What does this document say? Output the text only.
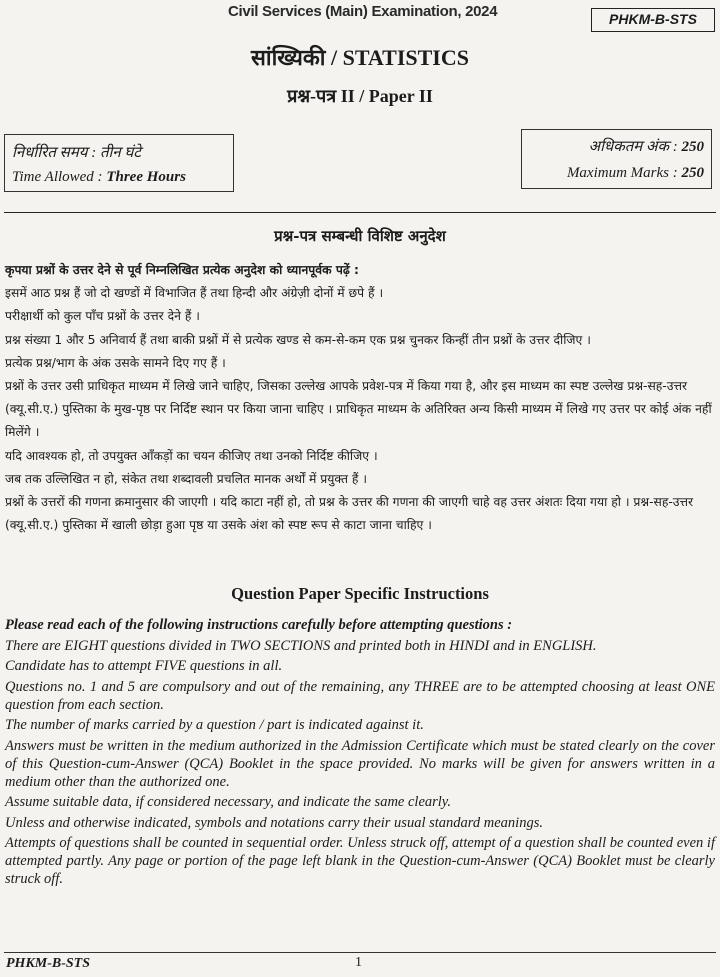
Civil Services (Main) Examination, 2024	PHKM-B-STS
सांख्यिकी / STATISTICS
प्रश्न-पत्र II / Paper II
निर्धारित समय : तीन घंटे
Time Allowed : Three Hours
अधिकतम अंक : 250
Maximum Marks : 250
प्रश्न-पत्र सम्बन्धी विशिष्ट अनुदेश

कृपया प्रश्नों के उत्तर देने से पूर्व निम्नलिखित प्रत्येक अनुदेश को ध्यानपूर्वक पढ़ें :

इसमें आठ प्रश्न हैं जो दो खण्डों में विभाजित हैं तथा हिन्दी और अंग्रेज़ी दोनों में छपे हैं ।

परीक्षार्थी को कुल पाँच प्रश्नों के उत्तर देने हैं ।

प्रश्न संख्या 1 और 5 अनिवार्य हैं तथा बाकी प्रश्नों में से प्रत्येक खण्ड से कम-से-कम एक प्रश्न चुनकर किन्हीं तीन प्रश्नों के उत्तर दीजिए ।

प्रत्येक प्रश्न/भाग के अंक उसके सामने दिए गए हैं ।

प्रश्नों के उत्तर उसी प्राधिकृत माध्यम में लिखे जाने चाहिए, जिसका उल्लेख आपके प्रवेश-पत्र में किया गया है, और इस माध्यम का स्पष्ट उल्लेख प्रश्न-सह-उत्तर (क्यू.सी.ए.) पुस्तिका के मुख-पृष्ठ पर निर्दिष्ट स्थान पर किया जाना चाहिए । प्राधिकृत माध्यम के अतिरिक्त अन्य किसी माध्यम में लिखे गए उत्तर पर कोई अंक नहीं मिलेंगे ।

यदि आवश्यक हो, तो उपयुक्त आँकड़ों का चयन कीजिए तथा उनको निर्दिष्ट कीजिए ।

जब तक उल्लिखित न हो, संकेत तथा शब्दावली प्रचलित मानक अर्थों में प्रयुक्त हैं ।

प्रश्नों के उत्तरों की गणना क्रमानुसार की जाएगी । यदि काटा नहीं हो, तो प्रश्न के उत्तर की गणना की जाएगी चाहे वह उत्तर अंशतः दिया गया हो । प्रश्न-सह-उत्तर (क्यू.सी.ए.) पुस्तिका में खाली छोड़ा हुआ पृष्ठ या उसके अंश को स्पष्ट रूप से काटा जाना चाहिए ।

Question Paper Specific Instructions

Please read each of the following instructions carefully before attempting questions :

There are EIGHT questions divided in TWO SECTIONS and printed both in HINDI and in ENGLISH.

Candidate has to attempt FIVE questions in all.

Questions no. 1 and 5 are compulsory and out of the remaining, any THREE are to be attempted choosing at least ONE question from each section.

The number of marks carried by a question / part is indicated against it.

Answers must be written in the medium authorized in the Admission Certificate which must be stated clearly on the cover of this Question-cum-Answer (QCA) Booklet in the space provided. No marks will be given for answers written in a medium other than the authorized one.

Assume suitable data, if considered necessary, and indicate the same clearly.

Unless and otherwise indicated, symbols and notations carry their usual standard meanings.

Attempts of questions shall be counted in sequential order. Unless struck off, attempt of a question shall be counted even if attempted partly. Any page or portion of the page left blank in the Question-cum-Answer (QCA) Booklet must be clearly struck off.

PHKM-B-STS	1
